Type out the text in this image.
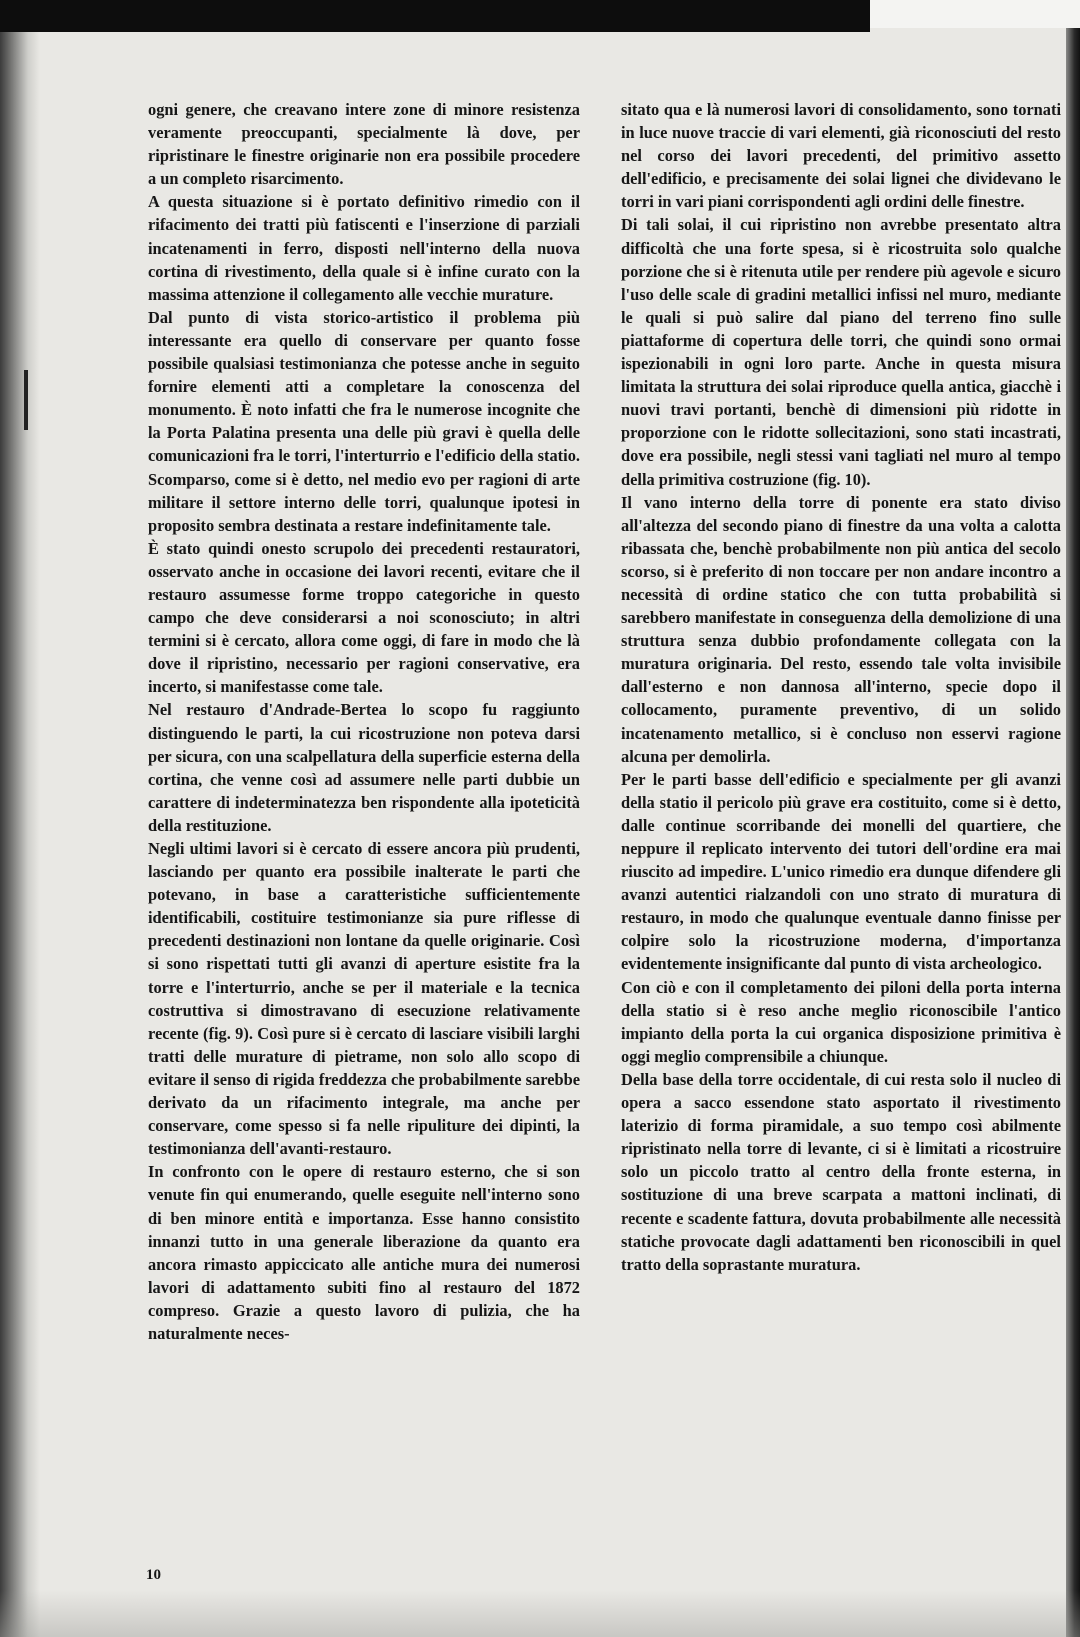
ogni genere, che creavano intere zone di minore resistenza veramente preoccupanti, specialmente là dove, per ripristinare le finestre originarie non era possibile procedere a un completo risarcimento.

A questa situazione si è portato definitivo rimedio con il rifacimento dei tratti più fatiscenti e l'inserzione di parziali incatenamenti in ferro, disposti nell'interno della nuova cortina di rivestimento, della quale si è infine curato con la massima attenzione il collegamento alle vecchie murature.

Dal punto di vista storico-artistico il problema più interessante era quello di conservare per quanto fosse possibile qualsiasi testimonianza che potesse anche in seguito fornire elementi atti a completare la conoscenza del monumento. È noto infatti che fra le numerose incognite che la Porta Palatina presenta una delle più gravi è quella delle comunicazioni fra le torri, l'interturrio e l'edificio della statio. Scomparso, come si è detto, nel medio evo per ragioni di arte militare il settore interno delle torri, qualunque ipotesi in proposito sembra destinata a restare indefinitamente tale.

È stato quindi onesto scrupolo dei precedenti restauratori, osservato anche in occasione dei lavori recenti, evitare che il restauro assumesse forme troppo categoriche in questo campo che deve considerarsi a noi sconosciuto; in altri termini si è cercato, allora come oggi, di fare in modo che là dove il ripristino, necessario per ragioni conservative, era incerto, si manifestasse come tale.

Nel restauro d'Andrade-Bertea lo scopo fu raggiunto distinguendo le parti, la cui ricostruzione non poteva darsi per sicura, con una scalpellatura della superficie esterna della cortina, che venne così ad assumere nelle parti dubbie un carattere di indeterminatezza ben rispondente alla ipoteticità della restituzione.

Negli ultimi lavori si è cercato di essere ancora più prudenti, lasciando per quanto era possibile inalterate le parti che potevano, in base a caratteristiche sufficientemente identificabili, costituire testimonianze sia pure riflesse di precedenti destinazioni non lontane da quelle originarie. Così si sono rispettati tutti gli avanzi di aperture esistite fra la torre e l'interturrio, anche se per il materiale e la tecnica costruttiva si dimostravano di esecuzione relativamente recente (fig. 9). Così pure si è cercato di lasciare visibili larghi tratti delle murature di pietrame, non solo allo scopo di evitare il senso di rigida freddezza che probabilmente sarebbe derivato da un rifacimento integrale, ma anche per conservare, come spesso si fa nelle ripuliture dei dipinti, la testimonianza dell'avanti-restauro.

In confronto con le opere di restauro esterno, che si son venute fin qui enumerando, quelle eseguite nell'interno sono di ben minore entità e importanza. Esse hanno consistito innanzi tutto in una generale liberazione da quanto era ancora rimasto appiccicato alle antiche mura dei numerosi lavori di adattamento subiti fino al restauro del 1872 compreso. Grazie a questo lavoro di pulizia, che ha naturalmente neces-

sitato qua e là numerosi lavori di consolidamento, sono tornati in luce nuove traccie di vari elementi, già riconosciuti del resto nel corso dei lavori precedenti, del primitivo assetto dell'edificio, e precisamente dei solai lignei che dividevano le torri in vari piani corrispondenti agli ordini delle finestre.

Di tali solai, il cui ripristino non avrebbe presentato altra difficoltà che una forte spesa, si è ricostruita solo qualche porzione che si è ritenuta utile per rendere più agevole e sicuro l'uso delle scale di gradini metallici infissi nel muro, mediante le quali si può salire dal piano del terreno fino sulle piattaforme di copertura delle torri, che quindi sono ormai ispezionabili in ogni loro parte. Anche in questa misura limitata la struttura dei solai riproduce quella antica, giacchè i nuovi travi portanti, benchè di dimensioni più ridotte in proporzione con le ridotte sollecitazioni, sono stati incastrati, dove era possibile, negli stessi vani tagliati nel muro al tempo della primitiva costruzione (fig. 10).

Il vano interno della torre di ponente era stato diviso all'altezza del secondo piano di finestre da una volta a calotta ribassata che, benchè probabilmente non più antica del secolo scorso, si è preferito di non toccare per non andare incontro a necessità di ordine statico che con tutta probabilità si sarebbero manifestate in conseguenza della demolizione di una struttura senza dubbio profondamente collegata con la muratura originaria. Del resto, essendo tale volta invisibile dall'esterno e non dannosa all'interno, specie dopo il collocamento, puramente preventivo, di un solido incatenamento metallico, si è concluso non esservi ragione alcuna per demolirla.

Per le parti basse dell'edificio e specialmente per gli avanzi della statio il pericolo più grave era costituito, come si è detto, dalle continue scorribande dei monelli del quartiere, che neppure il replicato intervento dei tutori dell'ordine era mai riuscito ad impedire. L'unico rimedio era dunque difendere gli avanzi autentici rialzandoli con uno strato di muratura di restauro, in modo che qualunque eventuale danno finisse per colpire solo la ricostruzione moderna, d'importanza evidentemente insignificante dal punto di vista archeologico.

Con ciò e con il completamento dei piloni della porta interna della statio si è reso anche meglio riconoscibile l'antico impianto della porta la cui organica disposizione primitiva è oggi meglio comprensibile a chiunque.

Della base della torre occidentale, di cui resta solo il nucleo di opera a sacco essendone stato asportato il rivestimento laterizio di forma piramidale, a suo tempo così abilmente ripristinato nella torre di levante, ci si è limitati a ricostruire solo un piccolo tratto al centro della fronte esterna, in sostituzione di una breve scarpata a mattoni inclinati, di recente e scadente fattura, dovuta probabilmente alle necessità statiche provocate dagli adattamenti ben riconoscibili in quel tratto della soprastante muratura.

10
